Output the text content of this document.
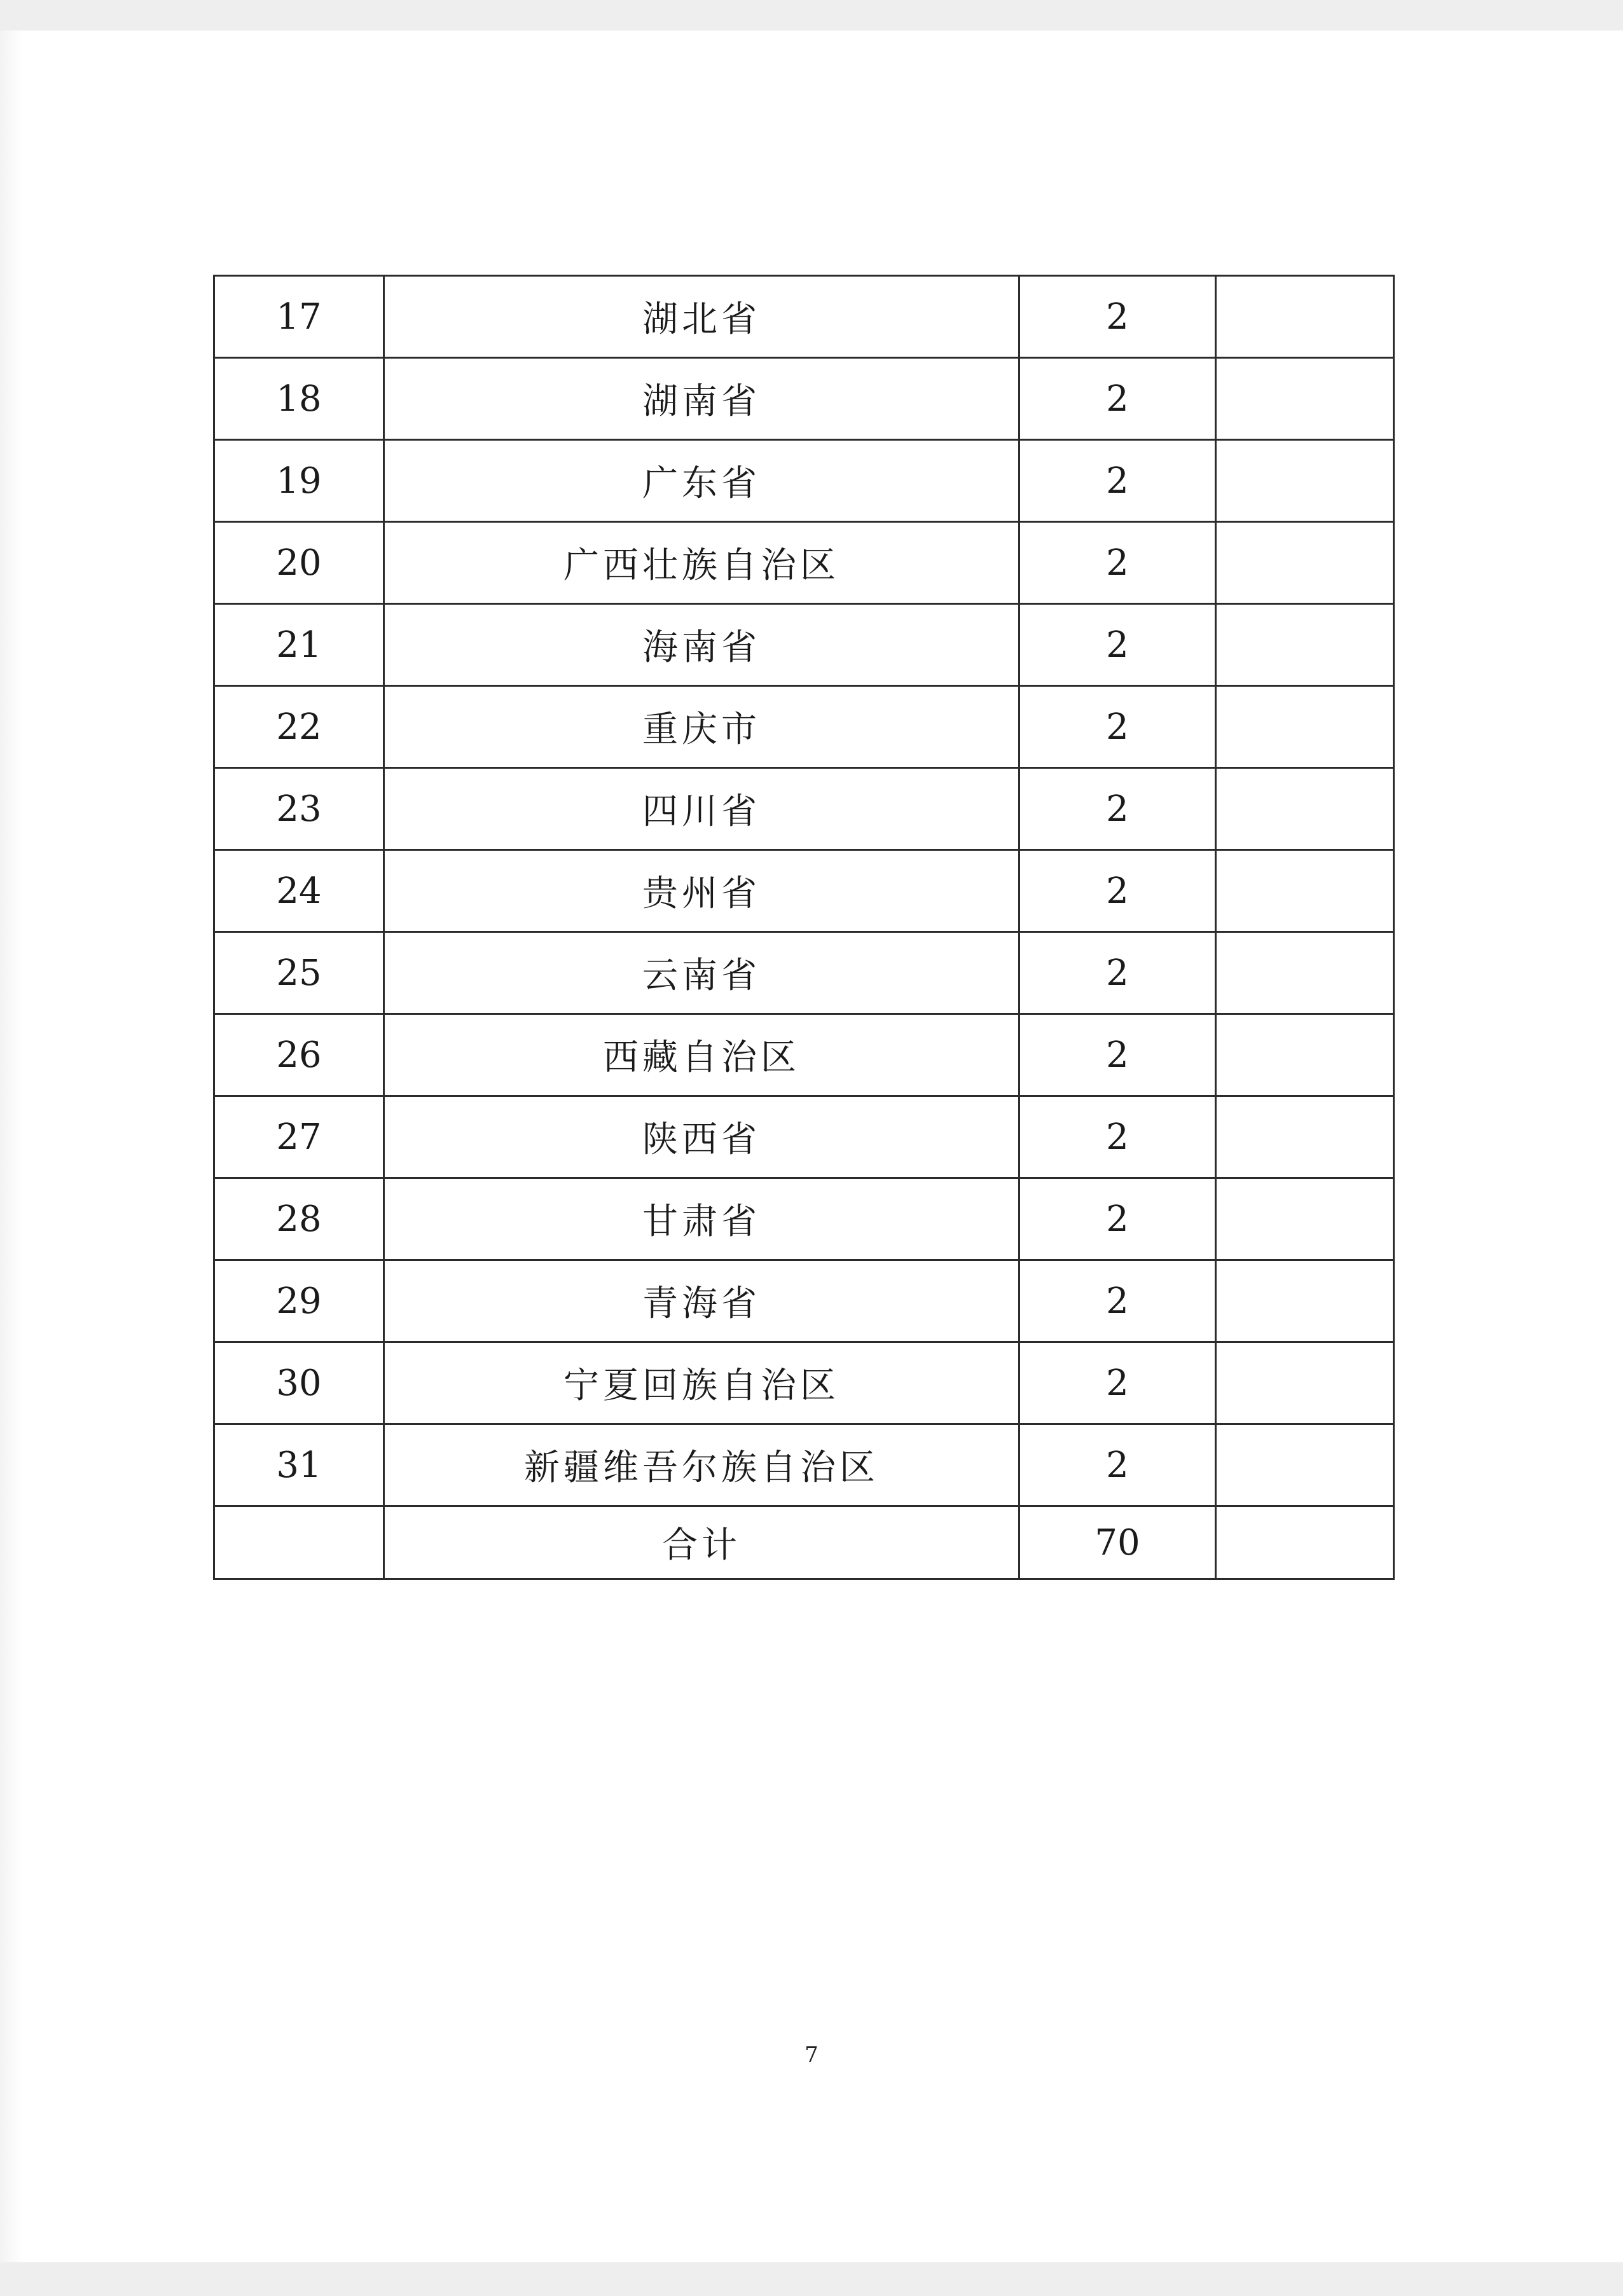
17	湖北省	2	
18	湖南省	2	
19	广东省	2	
20	广西壮族自治区	2	
21	海南省	2	
22	重庆市	2	
23	四川省	2	
24	贵州省	2	
25	云南省	2	
26	西藏自治区	2	
27	陕西省	2	
28	甘肃省	2	
29	青海省	2	
30	宁夏回族自治区	2	
31	新疆维吾尔族自治区	2	
	合计	70	
7
